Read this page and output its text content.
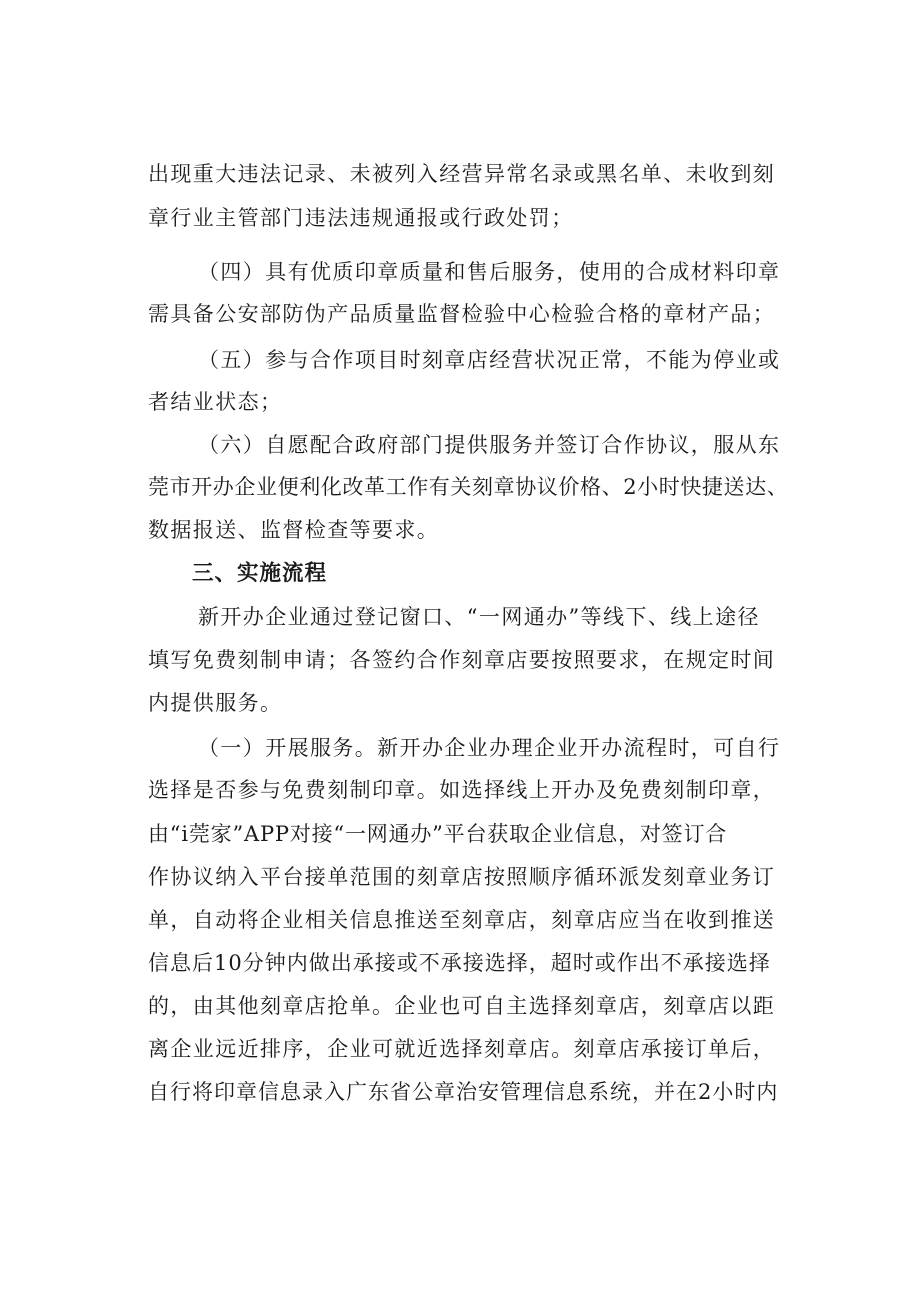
出现重大违法记录、未被列入经营异常名录或黑名单、未收到刻
章行业主管部门违法违规通报或行政处罚；
（四）具有优质印章质量和售后服务，使用的合成材料印章
需具备公安部防伪产品质量监督检验中心检验合格的章材产品；
（五）参与合作项目时刻章店经营状况正常，不能为停业或
者结业状态；
（六）自愿配合政府部门提供服务并签订合作协议，服从东
莞市开办企业便利化改革工作有关刻章协议价格、2小时快捷送达、
数据报送、监督检查等要求。
三、实施流程
新开办企业通过登记窗口、“一网通办”等线下、线上途径
填写免费刻制申请；各签约合作刻章店要按照要求，在规定时间
内提供服务。
（一）开展服务。新开办企业办理企业开办流程时，可自行
选择是否参与免费刻制印章。如选择线上开办及免费刻制印章，
由“i莞家”APP对接“一网通办”平台获取企业信息，对签订合
作协议纳入平台接单范围的刻章店按照顺序循环派发刻章业务订
单，自动将企业相关信息推送至刻章店，刻章店应当在收到推送
信息后10分钟内做出承接或不承接选择，超时或作出不承接选择
的，由其他刻章店抢单。企业也可自主选择刻章店，刻章店以距
离企业远近排序，企业可就近选择刻章店。刻章店承接订单后，
自行将印章信息录入广东省公章治安管理信息系统，并在2小时内
